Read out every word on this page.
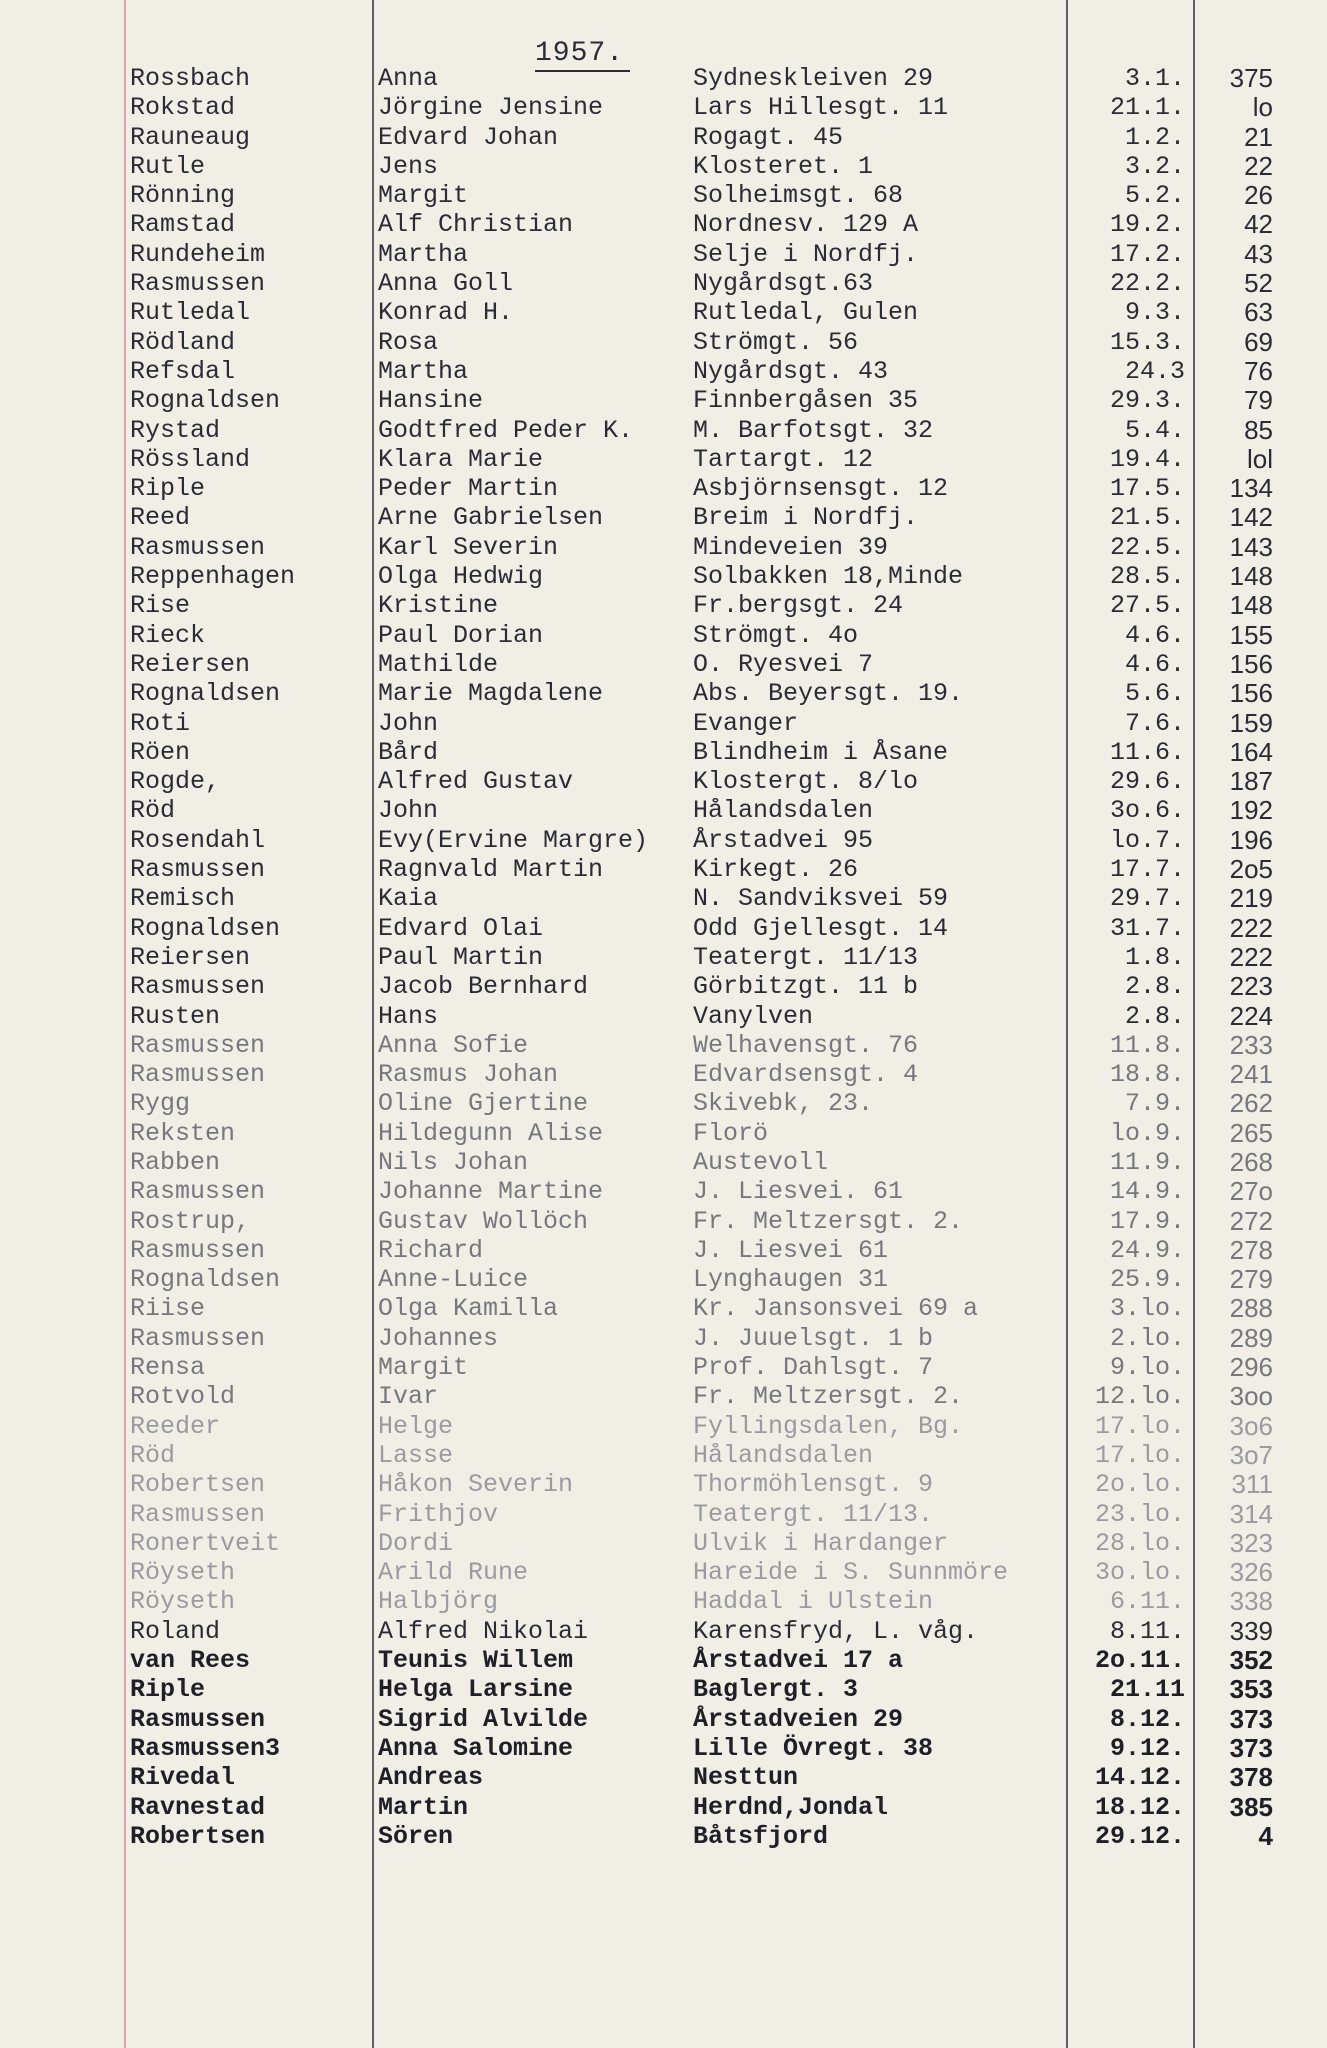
1957.
Rossbach	Anna	Sydneskleiven 29	3.1.	375
Rokstad	Jörgine Jensine	Lars Hillesgt. 11	21.1.	lo
Rauneaug	Edvard Johan	Rogagt. 45	1.2.	21
Rutle	Jens	Klosteret. 1	3.2.	22
Rönning	Margit	Solheimsgt. 68	5.2.	26
Ramstad	Alf Christian	Nordnesv. 129 A	19.2.	42
Rundeheim	Martha	Selje i Nordfj.	17.2.	43
Rasmussen	Anna Goll	Nygårdsgt.63	22.2.	52
Rutledal	Konrad H.	Rutledal, Gulen	9.3.	63
Rödland	Rosa	Strömgt. 56	15.3.	69
Refsdal	Martha	Nygårdsgt. 43	24.3	76
Rognaldsen	Hansine	Finnbergåsen 35	29.3.	79
Rystad	Godtfred Peder K.	M. Barfotsgt. 32	5.4.	85
Rössland	Klara Marie	Tartargt. 12	19.4.	lol
Riple	Peder Martin	Asbjörnsensgt. 12	17.5.	134
Reed	Arne Gabrielsen	Breim i Nordfj.	21.5.	142
Rasmussen	Karl Severin	Mindeveien 39	22.5.	143
Reppenhagen	Olga Hedwig	Solbakken 18,Minde	28.5.	148
Rise	Kristine	Fr.bergsgt. 24	27.5.	148
Rieck	Paul Dorian	Strömgt. 4o	4.6.	155
Reiersen	Mathilde	O. Ryesvei 7	4.6.	156
Rognaldsen	Marie Magdalene	Abs. Beyersgt. 19.	5.6.	156
Roti	John	Evanger	7.6.	159
Röen	Bård	Blindheim i Åsane	11.6.	164
Rogde,	Alfred Gustav	Klostergt. 8/lo	29.6.	187
Röd	John	Hålandsdalen	3o.6.	192
Rosendahl	Evy(Ervine Margre)	Årstadvei 95	lo.7.	196
Rasmussen	Ragnvald Martin	Kirkegt. 26	17.7.	2o5
Remisch	Kaia	N. Sandviksvei 59	29.7.	219
Rognaldsen	Edvard Olai	Odd Gjellesgt. 14	31.7.	222
Reiersen	Paul Martin	Teatergt. 11/13	1.8.	222
Rasmussen	Jacob Bernhard	Görbitzgt. 11 b	2.8.	223
Rusten	Hans	Vanylven	2.8.	224
Rasmussen	Anna Sofie	Welhavensgt. 76	11.8.	233
Rasmussen	Rasmus Johan	Edvardsensgt. 4	18.8.	241
Rygg	Oline Gjertine	Skivebk, 23.	7.9.	262
Reksten	Hildegunn Alise	Florö	lo.9.	265
Rabben	Nils Johan	Austevoll	11.9.	268
Rasmussen	Johanne Martine	J. Liesvei. 61	14.9.	27o
Rostrup,	Gustav Wollöch	Fr. Meltzersgt. 2.	17.9.	272
Rasmussen	Richard	J. Liesvei 61	24.9.	278
Rognaldsen	Anne-Luice	Lynghaugen 31	25.9.	279
Riise	Olga Kamilla	Kr. Jansonsvei 69 a	3.lo.	288
Rasmussen	Johannes	J. Juuelsgt. 1 b	2.lo.	289
Rensa	Margit	Prof. Dahlsgt. 7	9.lo.	296
Rotvold	Ivar	Fr. Meltzersgt. 2.	12.lo.	3oo
Reeder	Helge	Fyllingsdalen, Bg.	17.lo.	3o6
Röd	Lasse	Hålandsdalen	17.lo.	3o7
Robertsen	Håkon Severin	Thormöhlensgt. 9	2o.lo.	311
Rasmussen	Frithjov	Teatergt. 11/13.	23.lo.	314
Ronertveit	Dordi	Ulvik i Hardanger	28.lo.	323
Röyseth	Arild Rune	Hareide i S. Sunnmöre	3o.lo.	326
Röyseth	Halbjörg	Haddal i Ulstein	6.11.	338
Roland	Alfred Nikolai	Karensfryd, L. våg.	8.11.	339
van Rees	Teunis Willem	Årstadvei 17 a	2o.11.	352
Riple	Helga Larsine	Baglergt. 3	21.11	353
Rasmussen	Sigrid Alvilde	Årstadveien 29	8.12.	373
Rasmussen3	Anna Salomine	Lille Övregt. 38	9.12.	373
Rivedal	Andreas	Nesttun	14.12.	378
Ravnestad	Martin	Herdnd,Jondal	18.12.	385
Robertsen	Sören	Båtsfjord	29.12.	4
